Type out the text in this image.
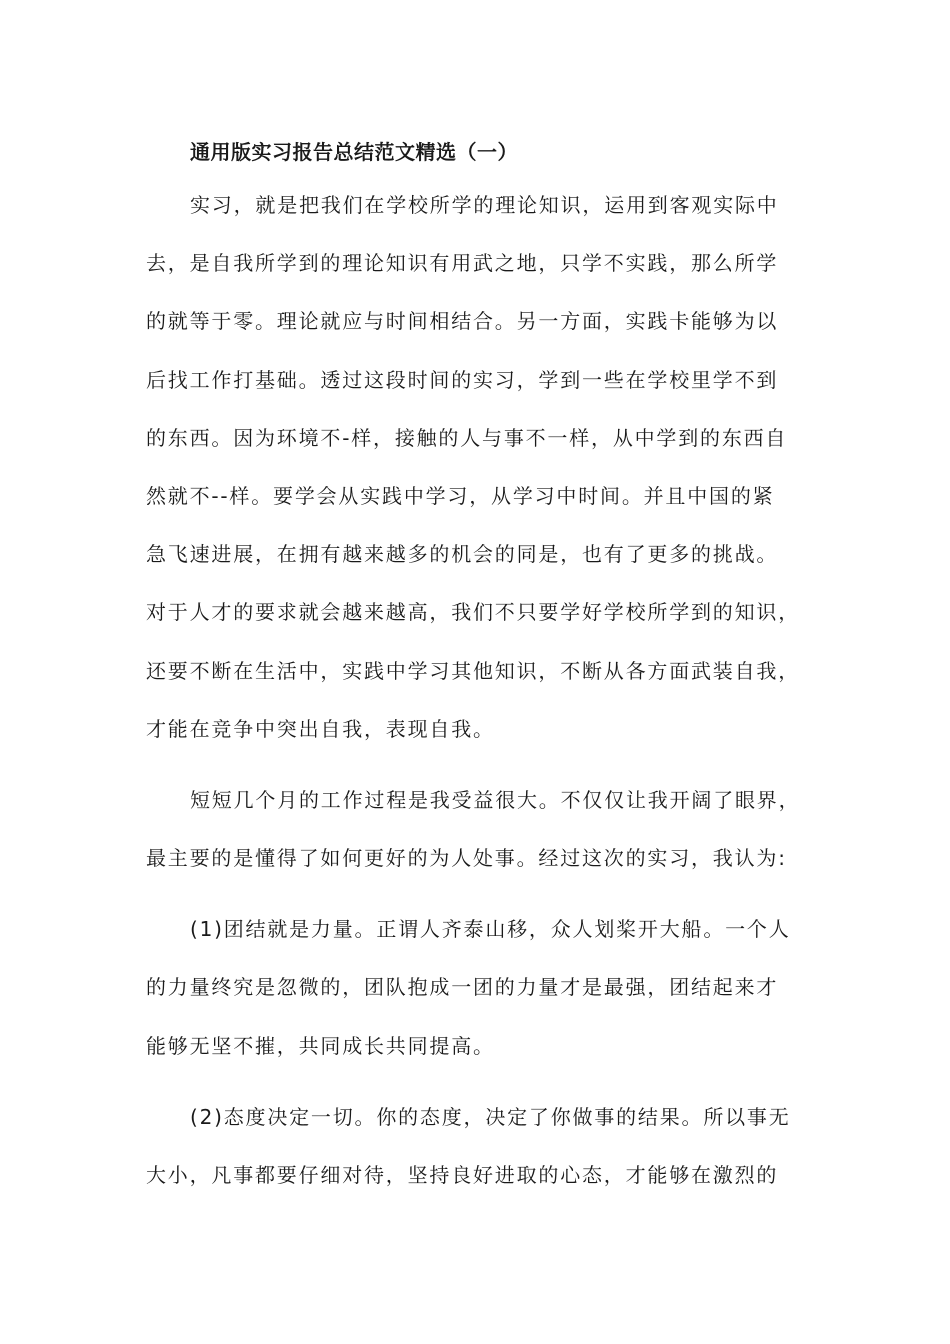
通用版实习报告总结范文精选（一）
实习，就是把我们在学校所学的理论知识，运用到客观实际中
去，是自我所学到的理论知识有用武之地，只学不实践，那么所学
的就等于零。理论就应与时间相结合。另一方面，实践卡能够为以
后找工作打基础。透过这段时间的实习，学到一些在学校里学不到
的东西。因为环境不-样，接触的人与事不一样，从中学到的东西自
然就不--样。要学会从实践中学习，从学习中时间。并且中国的紧
急飞速进展，在拥有越来越多的机会的同是，也有了更多的挑战。
对于人才的要求就会越来越高，我们不只要学好学校所学到的知识，
还要不断在生活中，实践中学习其他知识，不断从各方面武装自我，
才能在竞争中突出自我，表现自我。
短短几个月的工作过程是我受益很大。不仅仅让我开阔了眼界，
最主要的是懂得了如何更好的为人处事。经过这次的实习，我认为:
(1)团结就是力量。正谓人齐泰山移，众人划桨开大船。一个人
的力量终究是忽微的，团队抱成一团的力量才是最强，团结起来才
能够无坚不摧，共同成长共同提高。
(2)态度决定一切。你的态度，决定了你做事的结果。所以事无
大小，凡事都要仔细对待，坚持良好进取的心态，才能够在激烈的
